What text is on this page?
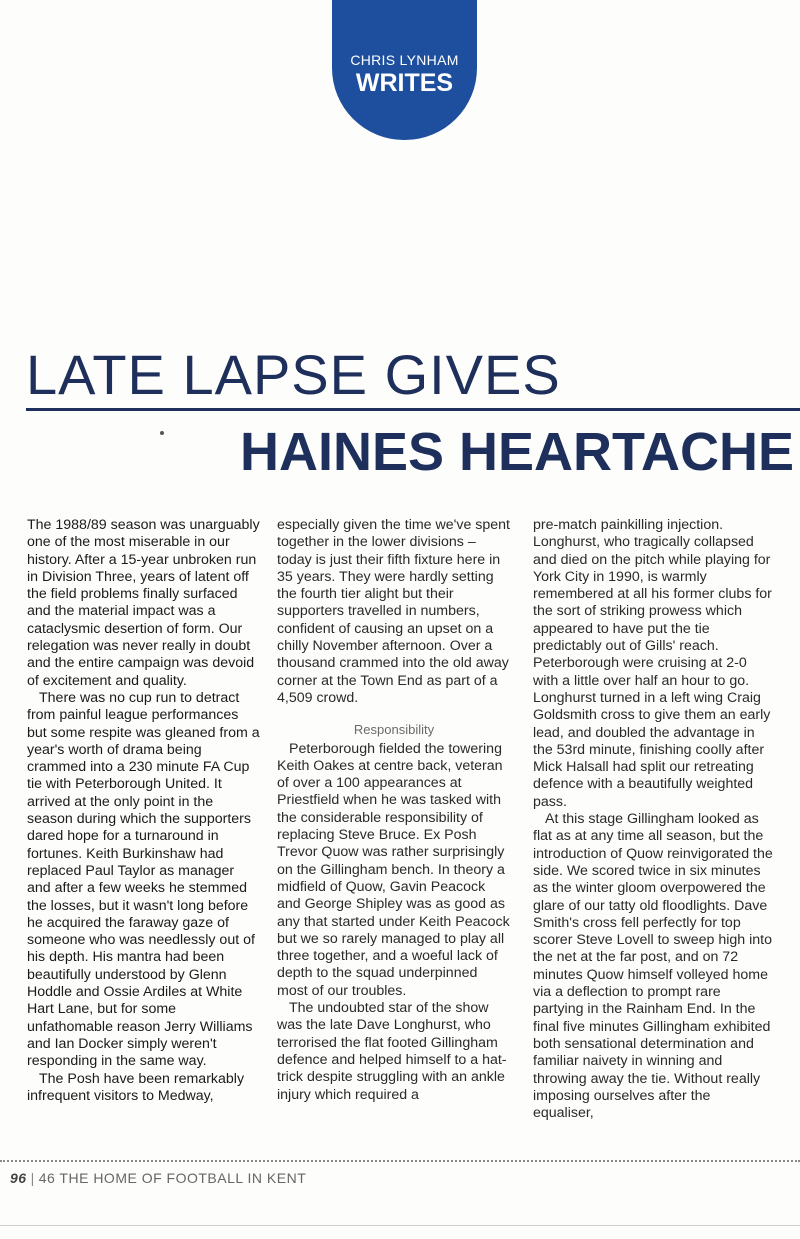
CHRIS LYNHAM
WRITES
LATE LAPSE GIVES
HAINES HEARTACHE

The 1988/89 season was unarguably one of the most miserable in our history. After a 15-year unbroken run in Division Three, years of latent off the field problems finally surfaced and the material impact was a cataclysmic desertion of form. Our relegation was never really in doubt and the entire campaign was devoid of excitement and quality.

There was no cup run to detract from painful league performances but some respite was gleaned from a year's worth of drama being crammed into a 230 minute FA Cup tie with Peterborough United. It arrived at the only point in the season during which the supporters dared hope for a turnaround in fortunes. Keith Burkinshaw had replaced Paul Taylor as manager and after a few weeks he stemmed the losses, but it wasn't long before he acquired the faraway gaze of someone who was needlessly out of his depth. His mantra had been beautifully understood by Glenn Hoddle and Ossie Ardiles at White Hart Lane, but for some unfathomable reason Jerry Williams and Ian Docker simply weren't responding in the same way.

The Posh have been remarkably infrequent visitors to Medway,

especially given the time we've spent together in the lower divisions – today is just their fifth fixture here in 35 years. They were hardly setting the fourth tier alight but their supporters travelled in numbers, confident of causing an upset on a chilly November afternoon. Over a thousand crammed into the old away corner at the Town End as part of a 4,509 crowd.

Responsibility

Peterborough fielded the towering Keith Oakes at centre back, veteran of over a 100 appearances at Priestfield when he was tasked with the considerable responsibility of replacing Steve Bruce. Ex Posh Trevor Quow was rather surprisingly on the Gillingham bench. In theory a midfield of Quow, Gavin Peacock and George Shipley was as good as any that started under Keith Peacock but we so rarely managed to play all three together, and a woeful lack of depth to the squad underpinned most of our troubles.

The undoubted star of the show was the late Dave Longhurst, who terrorised the flat footed Gillingham defence and helped himself to a hat-trick despite struggling with an ankle injury which required a

pre-match painkilling injection. Longhurst, who tragically collapsed and died on the pitch while playing for York City in 1990, is warmly remembered at all his former clubs for the sort of striking prowess which appeared to have put the tie predictably out of Gills' reach. Peterborough were cruising at 2-0 with a little over half an hour to go. Longhurst turned in a left wing Craig Goldsmith cross to give them an early lead, and doubled the advantage in the 53rd minute, finishing coolly after Mick Halsall had split our retreating defence with a beautifully weighted pass.

At this stage Gillingham looked as flat as at any time all season, but the introduction of Quow reinvigorated the side. We scored twice in six minutes as the winter gloom overpowered the glare of our tatty old floodlights. Dave Smith's cross fell perfectly for top scorer Steve Lovell to sweep high into the net at the far post, and on 72 minutes Quow himself volleyed home via a deflection to prompt rare partying in the Rainham End. In the final five minutes Gillingham exhibited both sensational determination and familiar naivety in winning and throwing away the tie. Without really imposing ourselves after the equaliser,

96 | 46 THE HOME OF FOOTBALL IN KENT
